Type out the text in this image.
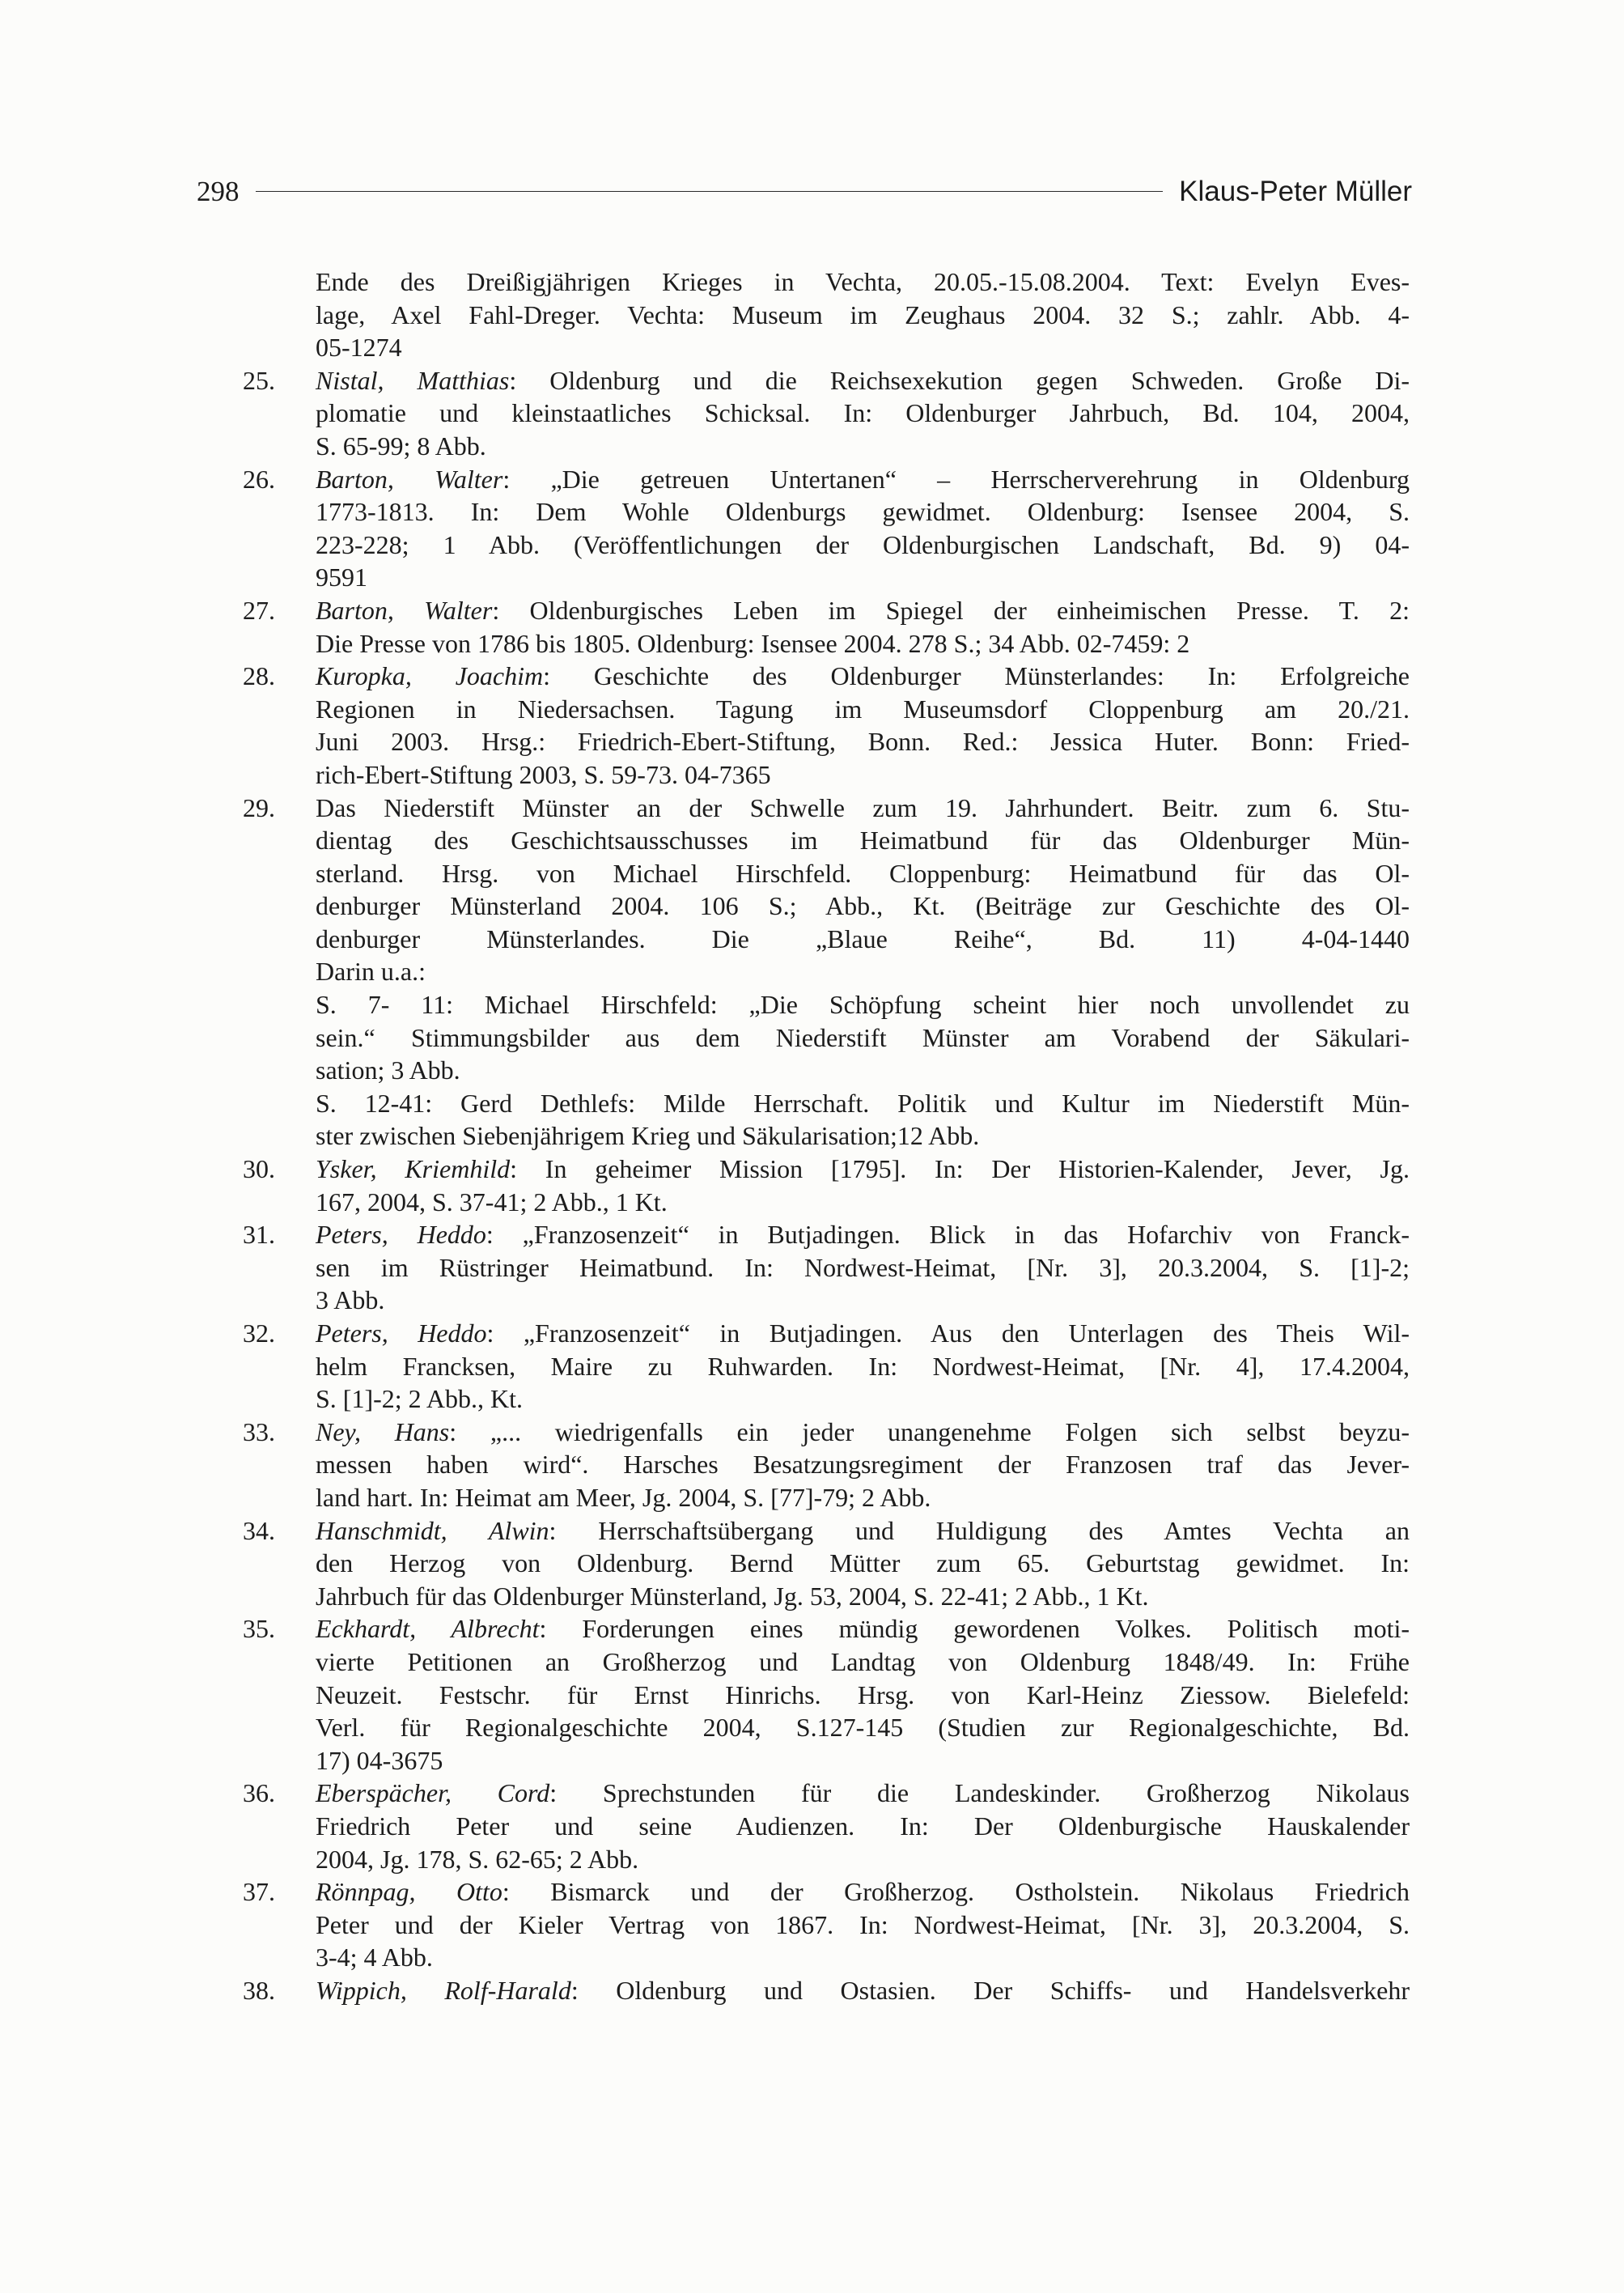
298	Klaus-Peter Müller
Ende des Dreißigjährigen Krieges in Vechta, 20.05.-15.08.2004. Text: Evelyn Eves-
lage, Axel Fahl-Dreger. Vechta: Museum im Zeughaus 2004. 32 S.; zahlr. Abb. 4-
05-1274
25. Nistal, Matthias: Oldenburg und die Reichsexekution gegen Schweden. Große Di-
plomatie und kleinstaatliches Schicksal. In: Oldenburger Jahrbuch, Bd. 104, 2004,
S. 65-99; 8 Abb.
26. Barton, Walter: „Die getreuen Untertanen“ – Herrscherverehrung in Oldenburg
1773-1813. In: Dem Wohle Oldenburgs gewidmet. Oldenburg: Isensee 2004, S.
223-228; 1 Abb. (Veröffentlichungen der Oldenburgischen Landschaft, Bd. 9) 04-
9591
27. Barton, Walter: Oldenburgisches Leben im Spiegel der einheimischen Presse. T. 2:
Die Presse von 1786 bis 1805. Oldenburg: Isensee 2004. 278 S.; 34 Abb. 02-7459: 2
28. Kuropka, Joachim: Geschichte des Oldenburger Münsterlandes: In: Erfolgreiche
Regionen in Niedersachsen. Tagung im Museumsdorf Cloppenburg am 20./21.
Juni 2003. Hrsg.: Friedrich-Ebert-Stiftung, Bonn. Red.: Jessica Huter. Bonn: Fried-
rich-Ebert-Stiftung 2003, S. 59-73. 04-7365
29. Das Niederstift Münster an der Schwelle zum 19. Jahrhundert. Beitr. zum 6. Stu-
dientag des Geschichtsausschusses im Heimatbund für das Oldenburger Mün-
sterland. Hrsg. von Michael Hirschfeld. Cloppenburg: Heimatbund für das Ol-
denburger Münsterland 2004. 106 S.; Abb., Kt. (Beiträge zur Geschichte des Ol-
denburger Münsterlandes. Die „Blaue Reihe“, Bd. 11) 4-04-1440
Darin u.a.:
S. 7- 11: Michael Hirschfeld: „Die Schöpfung scheint hier noch unvollendet zu
sein.“ Stimmungsbilder aus dem Niederstift Münster am Vorabend der Säkulari-
sation; 3 Abb.
S. 12-41: Gerd Dethlefs: Milde Herrschaft. Politik und Kultur im Niederstift Mün-
ster zwischen Siebenjährigem Krieg und Säkularisation;12 Abb.
30. Ysker, Kriemhild: In geheimer Mission [1795]. In: Der Historien-Kalender, Jever, Jg.
167, 2004, S. 37-41; 2 Abb., 1 Kt.
31. Peters, Heddo: „Franzosenzeit“ in Butjadingen. Blick in das Hofarchiv von Franck-
sen im Rüstringer Heimatbund. In: Nordwest-Heimat, [Nr. 3], 20.3.2004, S. [1]-2;
3 Abb.
32. Peters, Heddo: „Franzosenzeit“ in Butjadingen. Aus den Unterlagen des Theis Wil-
helm Francksen, Maire zu Ruhwarden. In: Nordwest-Heimat, [Nr. 4], 17.4.2004,
S. [1]-2; 2 Abb., Kt.
33. Ney, Hans: „... wiedrigenfalls ein jeder unangenehme Folgen sich selbst beyzu-
messen haben wird“. Harsches Besatzungsregiment der Franzosen traf das Jever-
land hart. In: Heimat am Meer, Jg. 2004, S. [77]-79; 2 Abb.
34. Hanschmidt, Alwin: Herrschaftsübergang und Huldigung des Amtes Vechta an
den Herzog von Oldenburg. Bernd Mütter zum 65. Geburtstag gewidmet. In:
Jahrbuch für das Oldenburger Münsterland, Jg. 53, 2004, S. 22-41; 2 Abb., 1 Kt.
35. Eckhardt, Albrecht: Forderungen eines mündig gewordenen Volkes. Politisch moti-
vierte Petitionen an Großherzog und Landtag von Oldenburg 1848/49. In: Frühe
Neuzeit. Festschr. für Ernst Hinrichs. Hrsg. von Karl-Heinz Ziessow. Bielefeld:
Verl. für Regionalgeschichte 2004, S.127-145 (Studien zur Regionalgeschichte, Bd.
17) 04-3675
36. Eberspächer, Cord: Sprechstunden für die Landeskinder. Großherzog Nikolaus
Friedrich Peter und seine Audienzen. In: Der Oldenburgische Hauskalender
2004, Jg. 178, S. 62-65; 2 Abb.
37. Rönnpag, Otto: Bismarck und der Großherzog. Ostholstein. Nikolaus Friedrich
Peter und der Kieler Vertrag von 1867. In: Nordwest-Heimat, [Nr. 3], 20.3.2004, S.
3-4; 4 Abb.
38. Wippich, Rolf-Harald: Oldenburg und Ostasien. Der Schiffs- und Handelsverkehr
